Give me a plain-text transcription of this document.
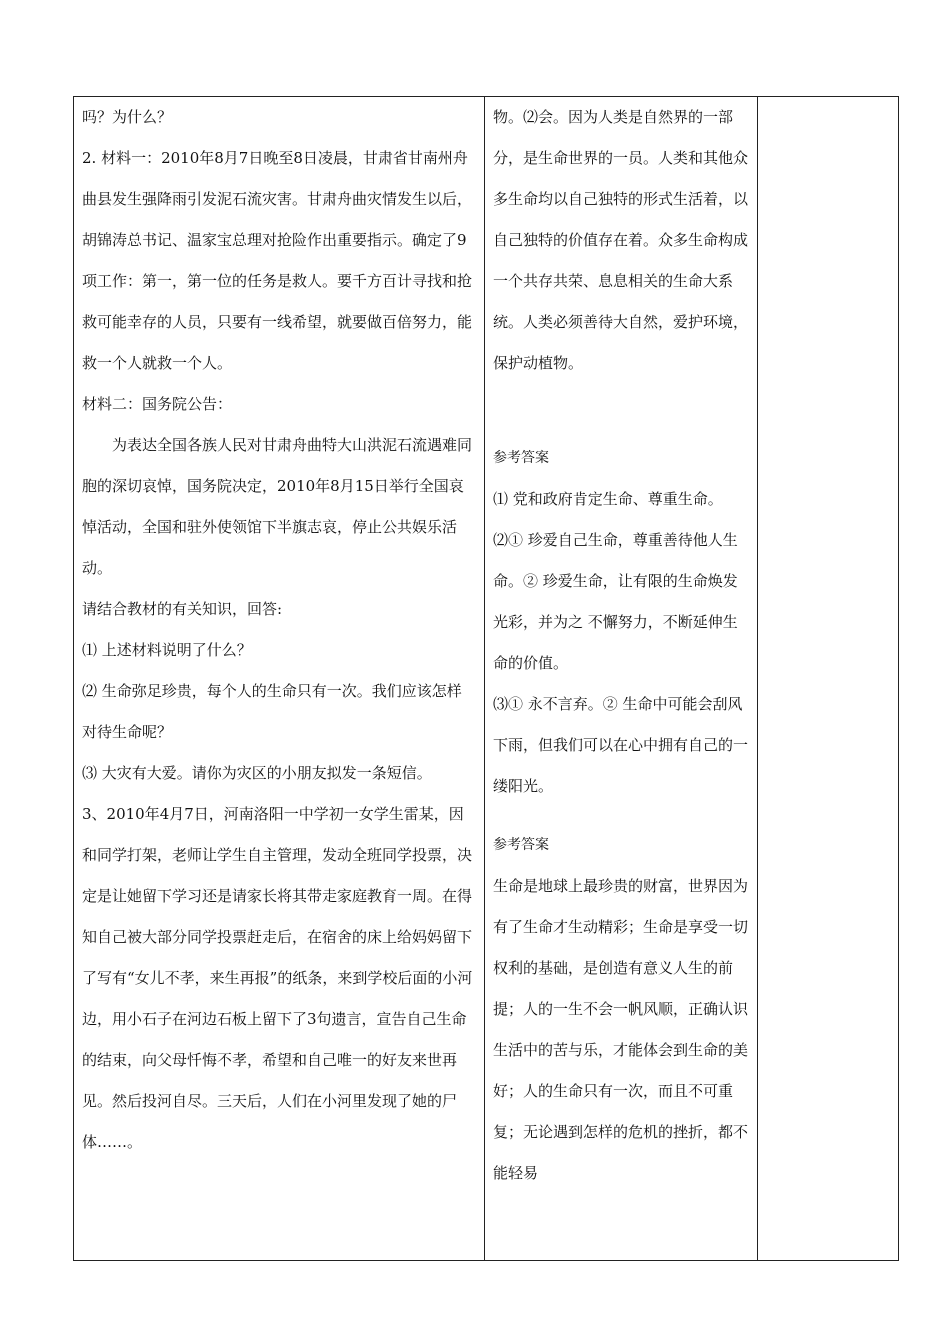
吗？为什么？

2. 材料一：2010年8月7日晚至8日凌晨，甘肃省甘南州舟曲县发生强降雨引发泥石流灾害。甘肃舟曲灾情发生以后，胡锦涛总书记、温家宝总理对抢险作出重要指示。确定了9项工作：第一，第一位的任务是救人。要千方百计寻找和抢救可能幸存的人员，只要有一线希望，就要做百倍努力，能救一个人就救一个人。

材料二：国务院公告：

为表达全国各族人民对甘肃舟曲特大山洪泥石流遇难同胞的深切哀悼，国务院决定，2010年8月15日举行全国哀悼活动，全国和驻外使领馆下半旗志哀，停止公共娱乐活动。

请结合教材的有关知识，回答:

⑴ 上述材料说明了什么？

⑵ 生命弥足珍贵，每个人的生命只有一次。我们应该怎样对待生命呢？

⑶ 大灾有大爱。请你为灾区的小朋友拟发一条短信。

3、2010年4月7日，河南洛阳一中学初一女学生雷某，因和同学打架，老师让学生自主管理，发动全班同学投票，决定是让她留下学习还是请家长将其带走家庭教育一周。在得知自己被大部分同学投票赶走后，在宿舍的床上给妈妈留下了写有“女儿不孝，来生再报”的纸条，来到学校后面的小河边，用小石子在河边石板上留下了3句遗言，宣告自己生命的结束，向父母忏悔不孝，希望和自己唯一的好友来世再见。然后投河自尽。三天后，人们在小河里发现了她的尸体……。

物。⑵会。因为人类是自然界的一部分，是生命世界的一员。人类和其他众多生命均以自己独特的形式生活着，以自己独特的价值存在着。众多生命构成一个共存共荣、息息相关的生命大系统。人类必须善待大自然，爱护环境，保护动植物。

参考答案

⑴ 党和政府肯定生命、尊重生命。

⑵① 珍爱自己生命，尊重善待他人生命。② 珍爱生命，让有限的生命焕发光彩，并为之 不懈努力，不断延伸生命的价值。

⑶① 永不言弃。② 生命中可能会刮风下雨，但我们可以在心中拥有自己的一缕阳光。

参考答案

生命是地球上最珍贵的财富，世界因为有了生命才生动精彩；生命是享受一切权利的基础，是创造有意义人生的前提；人的一生不会一帆风顺，正确认识生活中的苦与乐，才能体会到生命的美好；人的生命只有一次，而且不可重复；无论遇到怎样的危机的挫折，都不能轻易
